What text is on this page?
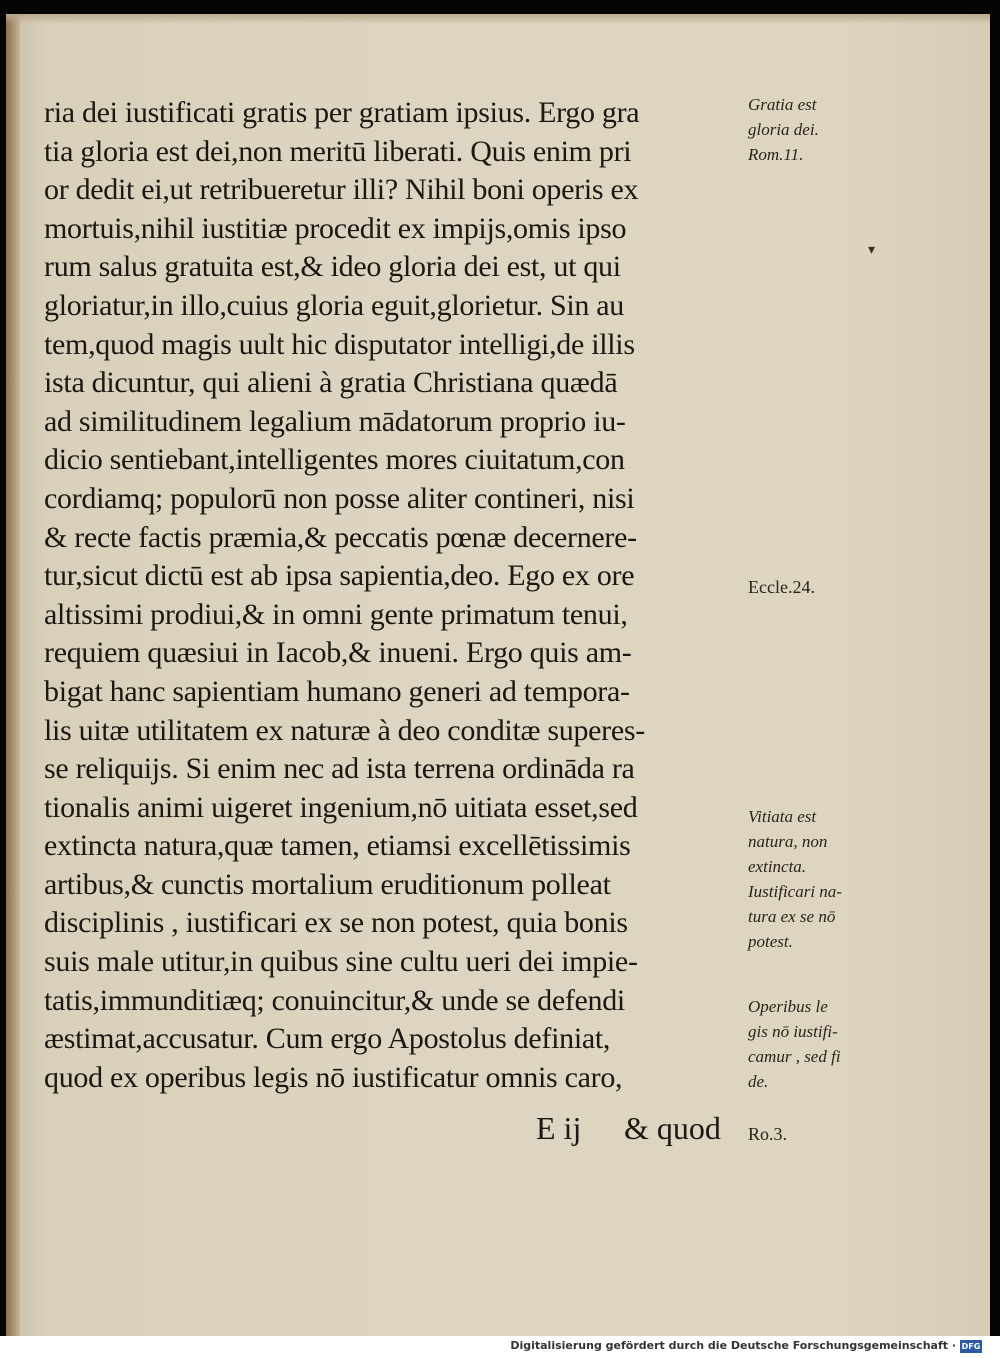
ria dei iustificati gratis per gratiam ipsius. Ergo gra
tia gloria est dei,non meritū liberati. Quis enim pri
or dedit ei,ut retribueretur illi? Nihil boni operis ex
mortuis,nihil iustitiæ procedit ex impijs,omis ipso
rum salus gratuita est,& ideo gloria dei est, ut qui
gloriatur,in illo,cuius gloria eguit,glorietur. Sin au
tem,quod magis uult hic disputator intelligi,de illis
ista dicuntur, qui alieni à gratia Christiana quædā
ad similitudinem legalium mādatorum proprio iu-
dicio sentiebant,intelligentes mores ciuitatum,con
cordiamq; populorū non posse aliter contineri, nisi
& recte factis præmia,& peccatis pœnæ decernere-
tur,sicut dictū est ab ipsa sapientia,deo. Ego ex ore
altissimi prodiui,& in omni gente primatum tenui,
requiem quæsiui in Iacob,& inueni. Ergo quis am-
bigat hanc sapientiam humano generi ad tempora-
lis uitæ utilitatem ex naturæ à deo conditæ superes-
se reliquijs. Si enim nec ad ista terrena ordināda ra
tionalis animi uigeret ingenium,nō uitiata esset,sed
extincta natura,quæ tamen, etiamsi excellētissimis
artibus,& cunctis mortalium eruditionum polleat
disciplinis , iustificari ex se non potest, quia bonis
suis male utitur,in quibus sine cultu ueri dei impie-
tatis,immunditiæq; conuincitur,& unde se defendi
æstimat,accusatur. Cum ergo Apostolus definiat,
quod ex operibus legis nō iustificatur omnis caro,
E ij & quod
Gratia est
gloria dei.
Rom.11.
Eccle.24.
Vitiata est
natura, non
extincta.
Iustificari na-
tura ex se nō
potest.
Operibus le
gis nō iustifi-
camur , sed fi
de.
Ro.3.
▾
Digitalisierung gefördert durch die Deutsche Forschungsgemeinschaft · DFG
